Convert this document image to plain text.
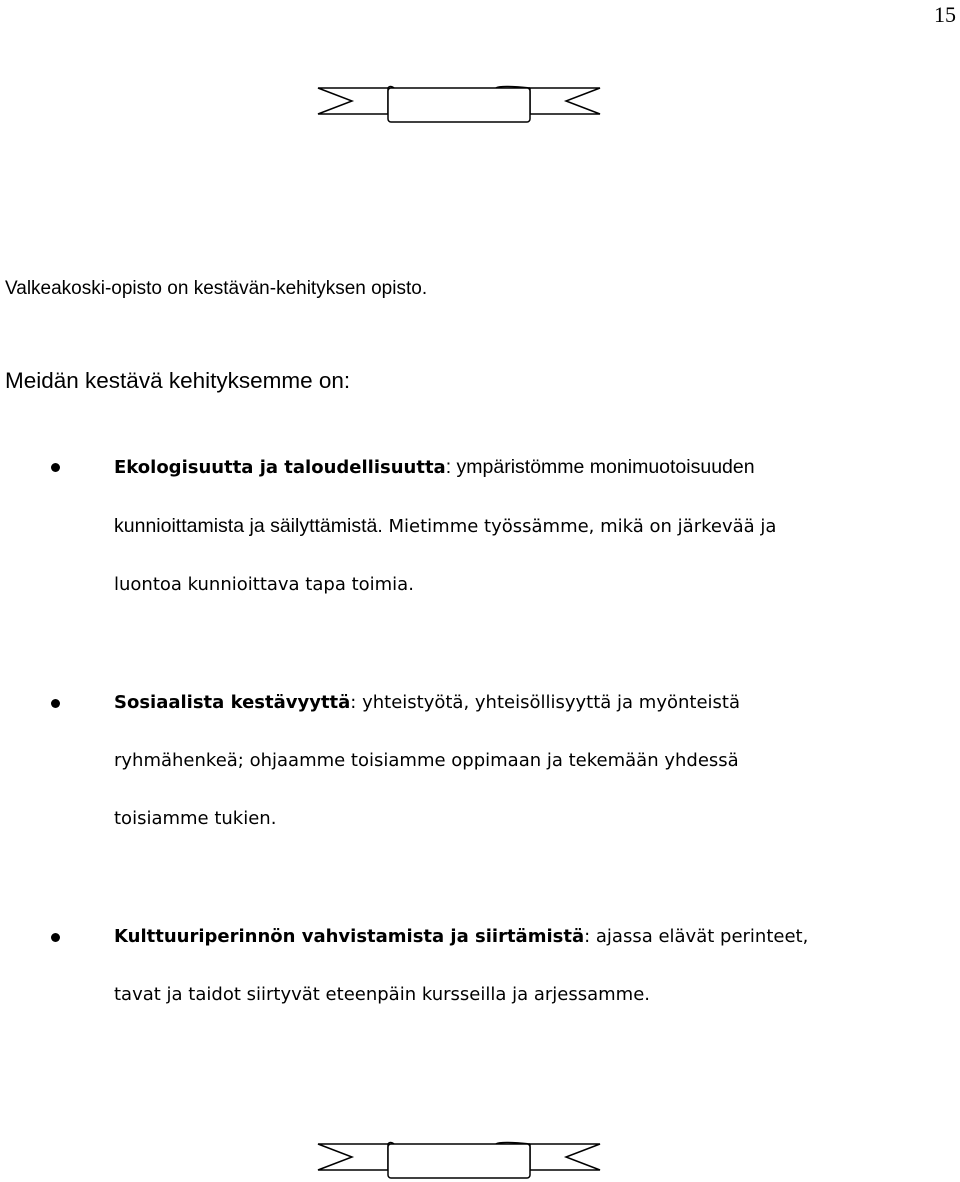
15

Valkeakoski-opisto on kestävän-kehityksen opisto.

Meidän kestävä kehityksemme on:

Ekologisuutta ja taloudellisuutta: ympäristömme monimuotoisuuden kunnioittamista ja säilyttämistä. Mietimme työssämme, mikä on järkevää ja luontoa kunnioittava tapa toimia.

Sosiaalista kestävyyttä: yhteistyötä, yhteisöllisyyttä ja myönteistä ryhmähenkeä; ohjaamme toisiamme oppimaan ja tekemään yhdessä toisiamme tukien.

Kulttuuriperinnön vahvistamista ja siirtämistä: ajassa elävät perinteet, tavat ja taidot siirtyvät eteenpäin kursseilla ja arjessamme.
